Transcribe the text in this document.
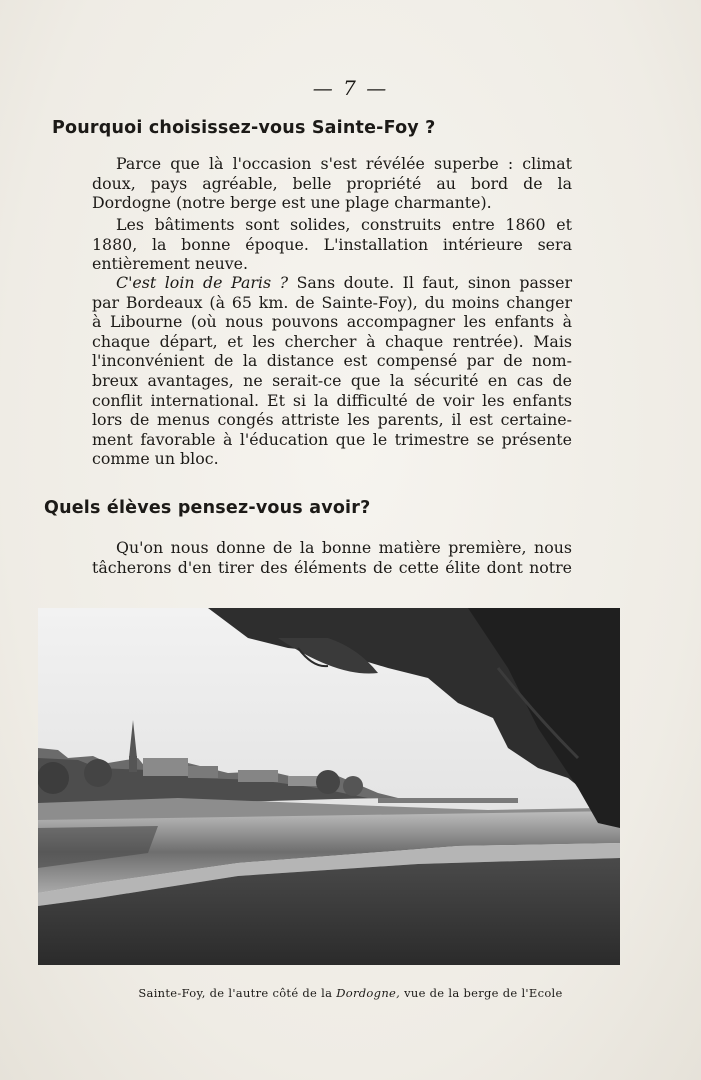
— 7 —
Pourquoi choisissez-vous Sainte-Foy ?
Parce que là l'occasion s'est révélée superbe : climat
doux, pays agréable, belle propriété au bord de la
Dordogne (notre berge est une plage charmante).
Les bâtiments sont solides, construits entre 1860 et
1880, la bonne époque. L'installation intérieure sera
entièrement neuve.
C'est loin de Paris ? Sans doute. Il faut, sinon passer
par Bordeaux (à 65 km. de Sainte-Foy), du moins changer
à Libourne (où nous pouvons accompagner les enfants à
chaque départ, et les chercher à chaque rentrée). Mais
l'inconvénient de la distance est compensé par de nom-
breux avantages, ne serait-ce que la sécurité en cas de
conflit international. Et si la difficulté de voir les enfants
lors de menus congés attriste les parents, il est certaine-
ment favorable à l'éducation que le trimestre se présente
comme un bloc.
Quels élèves pensez-vous avoir?
Qu'on nous donne de la bonne matière première, nous
tâcherons d'en tirer des éléments de cette élite dont notre
Sainte-Foy, de l'autre côté de la Dordogne, vue de la berge de l'Ecole
